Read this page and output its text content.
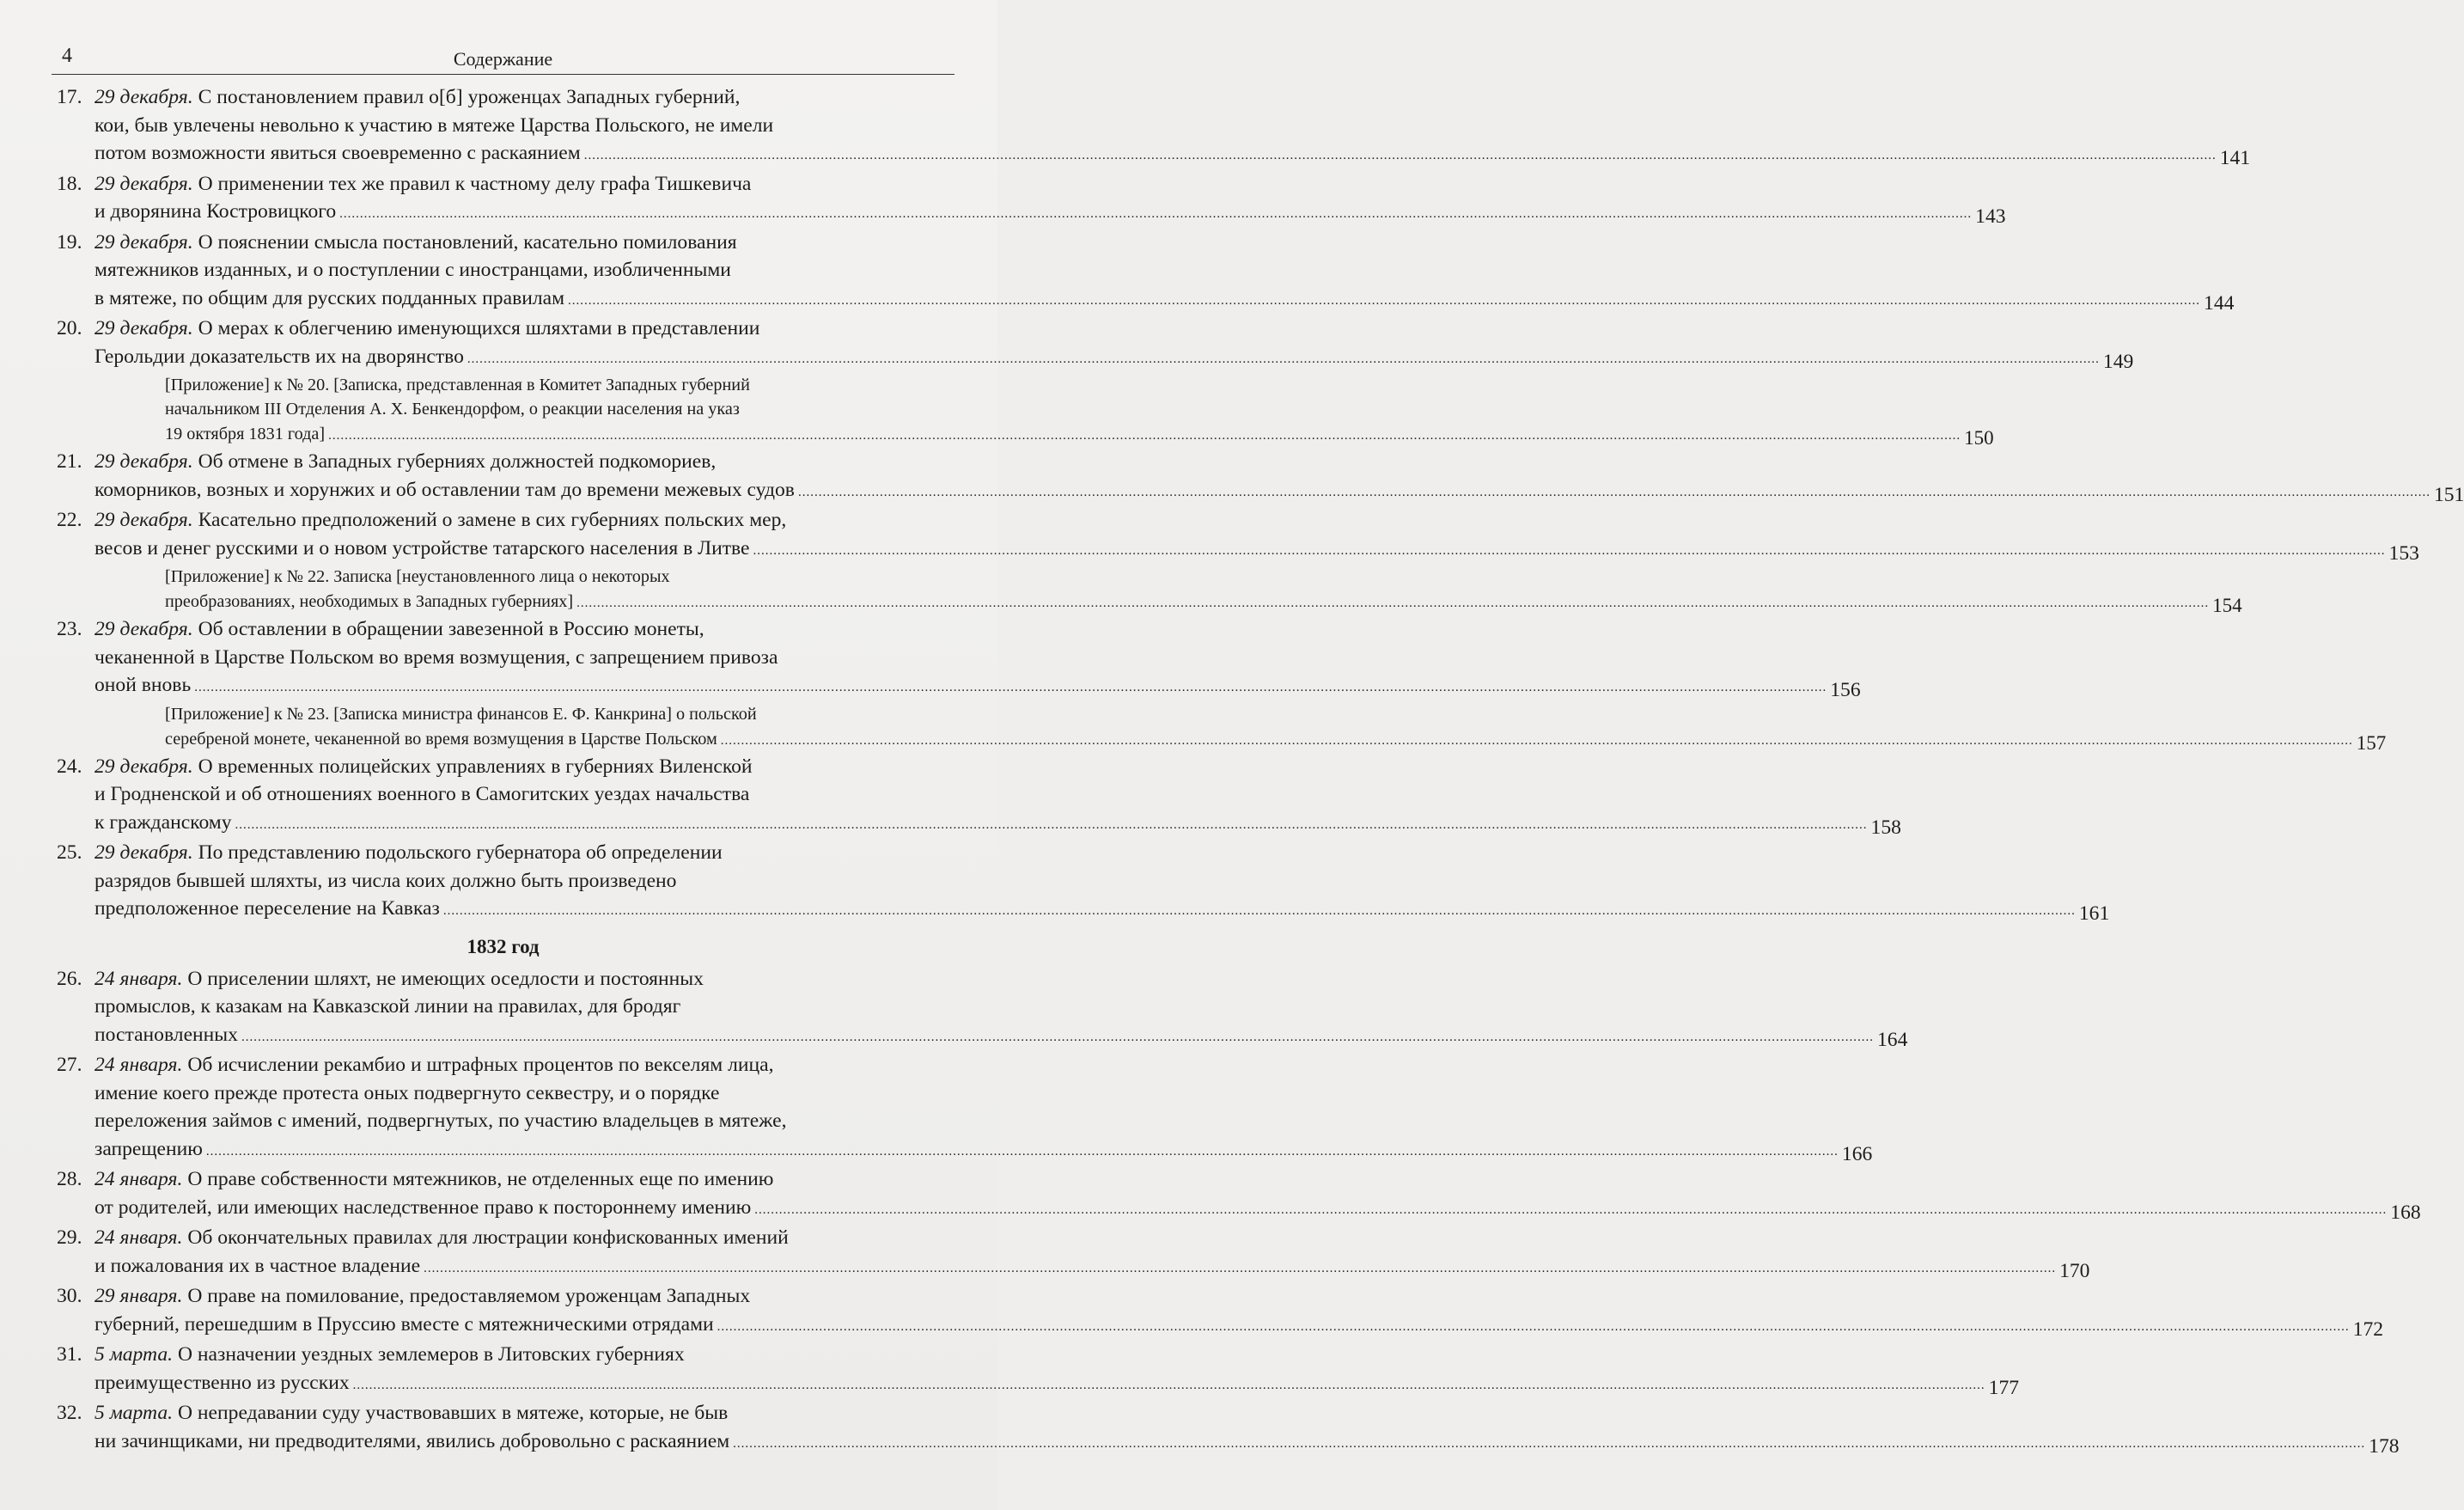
4	Содержание
17 . 29 декабря . С постановлением правил о[б] уроженцах Западных губерний,
кои, быв увлечены невольно к участию в мятеже Царства Польского, не имели
потом возможности явиться своевременно с раскаянием ................................................................................................................................................................................................................................................................................................................................................................................................................ 141
18 . 29 декабря . О применении тех же правил к частному делу графа Тишкевича
и дворянина Костровицкого ................................................................................................................................................................................................................................................................................................................................................................................................................ 143
19 . 29 декабря . О пояснении смысла постановлений, касательно помилования
мятежников изданных, и о поступлении с иностранцами, изобличенными
в мятеже, по общим для русских подданных правилам ................................................................................................................................................................................................................................................................................................................................................................................................................ 144
20 . 29 декабря . О мерах к облегчению именующихся шляхтами в представлении
Герольдии доказательств их на дворянство ................................................................................................................................................................................................................................................................................................................................................................................................................ 149
[Приложение] к № 20. [Записка, представленная в Комитет Западных губерний
начальником III Отделения А. Х. Бенкендорфом, о реакции населения на указ
19 октября 1831 года] ................................................................................................................................................................................................................................................................................................................................................................................................................ 150
21 . 29 декабря . Об отмене в Западных губерниях должностей подкомориев,
коморников, возных и хорунжих и об оставлении там до времени межевых судов ................................................................................................................................................................................................................................................................................................................................................................................................................ 151
22 . 29 декабря . Касательно предположений о замене в сих губерниях польских мер,
весов и денег русскими и о новом устройстве татарского населения в Литве ................................................................................................................................................................................................................................................................................................................................................................................................................ 153
[Приложение] к № 22. Записка [неустановленного лица о некоторых
преобразованиях, необходимых в Западных губерниях] ................................................................................................................................................................................................................................................................................................................................................................................................................ 154
23 . 29 декабря . Об оставлении в обращении завезенной в Россию монеты,
чеканенной в Царстве Польском во время возмущения, с запрещением привоза
оной вновь ................................................................................................................................................................................................................................................................................................................................................................................................................ 156
[Приложение] к № 23. [Записка министра финансов Е. Ф. Канкрина] о польской
серебреной монете, чеканенной во время возмущения в Царстве Польском ................................................................................................................................................................................................................................................................................................................................................................................................................ 157
24 . 29 декабря . О временных полицейских управлениях в губерниях Виленской
и Гродненской и об отношениях военного в Самогитских уездах начальства
к гражданскому ................................................................................................................................................................................................................................................................................................................................................................................................................ 158
25 . 29 декабря . По представлению подольского губернатора об определении
разрядов бывшей шляхты, из числа коих должно быть произведено
предположенное переселение на Кавказ ................................................................................................................................................................................................................................................................................................................................................................................................................ 161
1832 год
26 . 24 января . О приселении шляхт, не имеющих оседлости и постоянных
промыслов, к казакам на Кавказской линии на правилах, для бродяг
постановленных ................................................................................................................................................................................................................................................................................................................................................................................................................ 164
27 . 24 января . Об исчислении рекамбио и штрафных процентов по векселям лица,
имение коего прежде протеста оных подвергнуто секвестру, и о порядке
переложения займов с имений, подвергнутых, по участию владельцев в мятеже,
запрещению ................................................................................................................................................................................................................................................................................................................................................................................................................ 166
28 . 24 января . О праве собственности мятежников, не отделенных еще по имению
от родителей, или имеющих наследственное право к постороннему имению ................................................................................................................................................................................................................................................................................................................................................................................................................ 168
29 . 24 января . Об окончательных правилах для люстрации конфискованных имений
и пожалования их в частное владение ................................................................................................................................................................................................................................................................................................................................................................................................................ 170
30 . 29 января . О праве на помилование, предоставляемом уроженцам Западных
губерний, перешедшим в Пруссию вместе с мятежническими отрядами ................................................................................................................................................................................................................................................................................................................................................................................................................ 172
31 . 5 марта . О назначении уездных землемеров в Литовских губерниях
преимущественно из русских ................................................................................................................................................................................................................................................................................................................................................................................................................ 177
32 . 5 марта . О непредавании суду участвовавших в мятеже, которые, не быв
ни зачинщиками, ни предводителями, явились добровольно с раскаянием ................................................................................................................................................................................................................................................................................................................................................................................................................ 178
